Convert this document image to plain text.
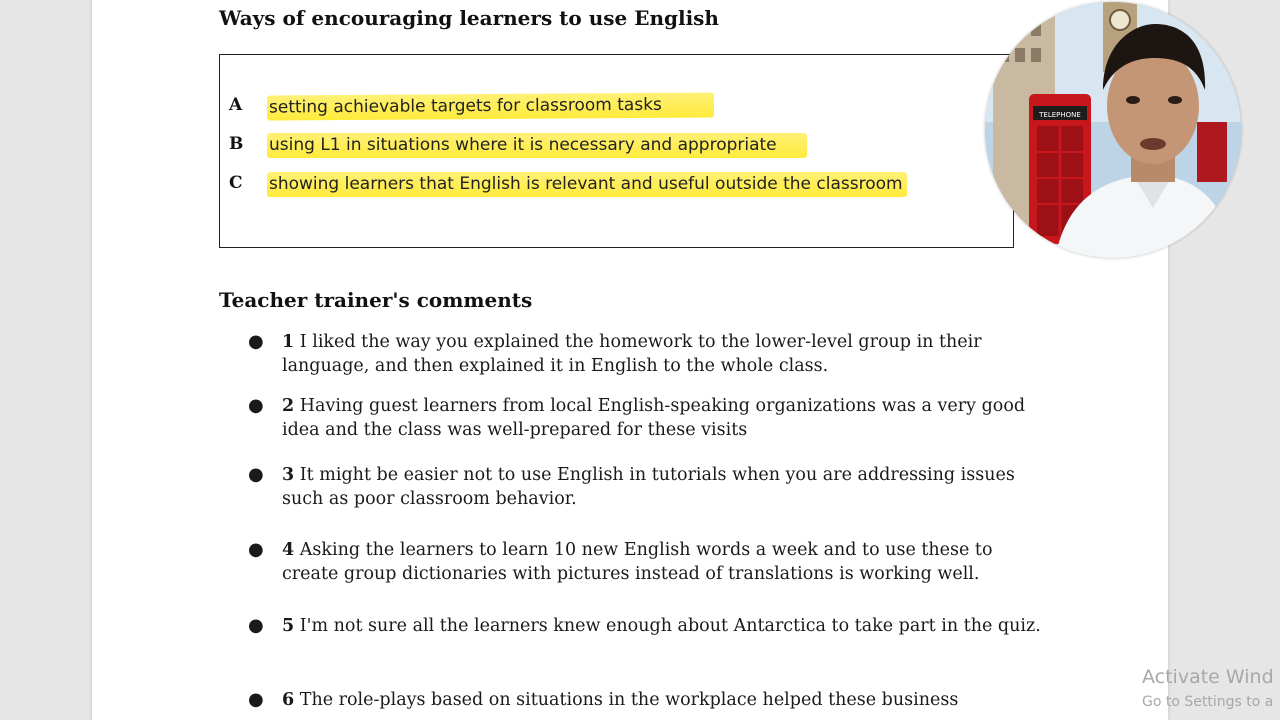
Ways of encouraging learners to use English
A setting achievable targets for classroom tasks
B using L1 in situations where it is necessary and appropriate
C showing learners that English is relevant and useful outside the classroom
Teacher trainer's comments
● 1 I liked the way you explained the homework to the lower-level group in their language, and then explained it in English to the whole class.
● 2 Having guest learners from local English-speaking organizations was a very good idea and the class was well-prepared for these visits
● 3 It might be easier not to use English in tutorials when you are addressing issues such as poor classroom behavior.
● 4 Asking the learners to learn 10 new English words a week and to use these to create group dictionaries with pictures instead of translations is working well.
● 5 I'm not sure all the learners knew enough about Antarctica to take part in the quiz.
● 6 The role-plays based on situations in the workplace helped these business
TELEPHONE
Activate Wind
Go to Settings to a
